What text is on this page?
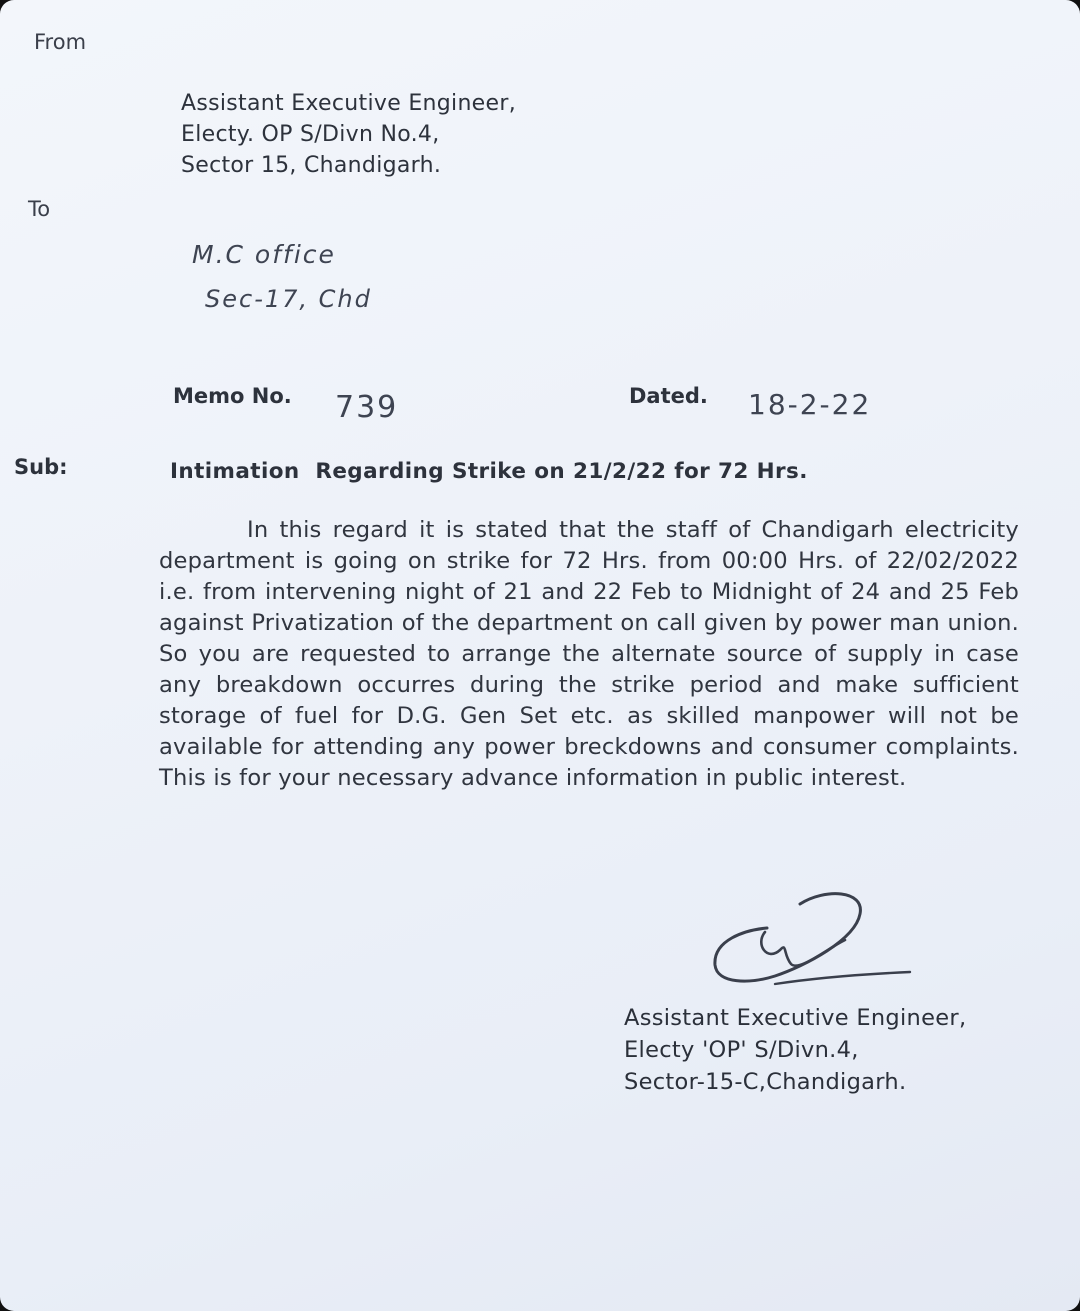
From
Assistant Executive Engineer,
Electy. OP S/Divn No.4,
Sector 15, Chandigarh.
To
M.C office
Sec-17, Chd
Memo No. 739	Dated. 18-2-22
Sub:	Intimation  Regarding Strike on 21/2/22 for 72 Hrs.
In this regard it is stated that the staff of Chandigarh electricity department is going on strike for 72 Hrs. from 00:00 Hrs. of 22/02/2022 i.e. from intervening night of 21 and 22 Feb to Midnight of 24 and 25 Feb against Privatization of the department on call given by power man union. So you are requested to arrange the alternate source of supply in case any breakdown occurres during the strike period and make sufficient storage of fuel for D.G. Gen Set etc. as skilled manpower will not be available for attending any power breckdowns and consumer complaints. This is for your necessary advance information in public interest.
Assistant Executive Engineer,
Electy 'OP' S/Divn.4,
Sector-15-C,Chandigarh.
